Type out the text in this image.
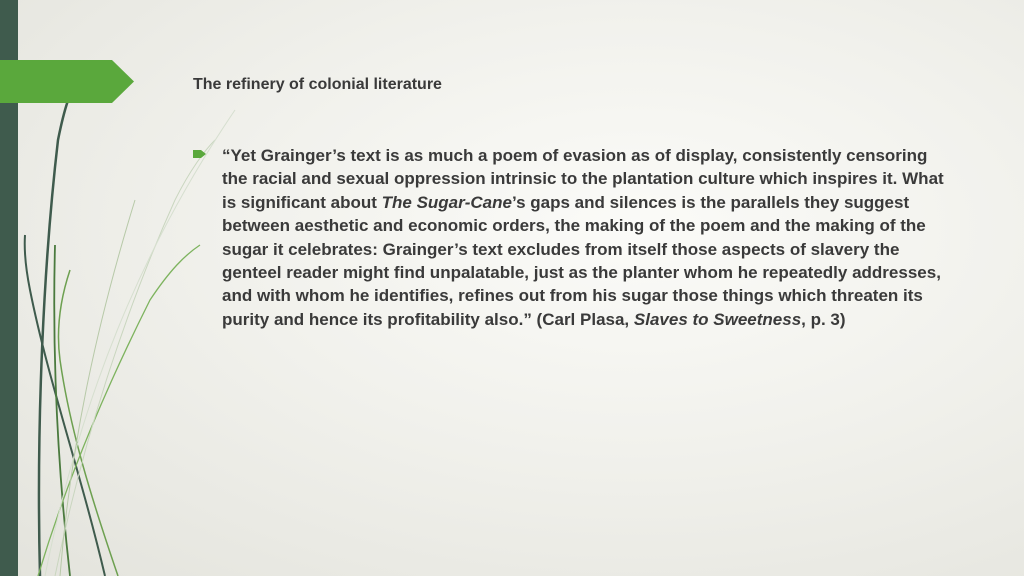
The refinery of colonial literature

“Yet Grainger’s text is as much a poem of evasion as of display, consistently censoring the racial and sexual oppression intrinsic to the plantation culture which inspires it. What is significant about The Sugar-Cane’s gaps and silences is the parallels they suggest between aesthetic and economic orders, the making of the poem and the making of the sugar it celebrates: Grainger’s text excludes from itself those aspects of slavery the genteel reader might find unpalatable, just as the planter whom he repeatedly addresses, and with whom he identifies, refines out from his sugar those things which threaten its purity and hence its profitability also.” (Carl Plasa, Slaves to Sweetness, p. 3)
